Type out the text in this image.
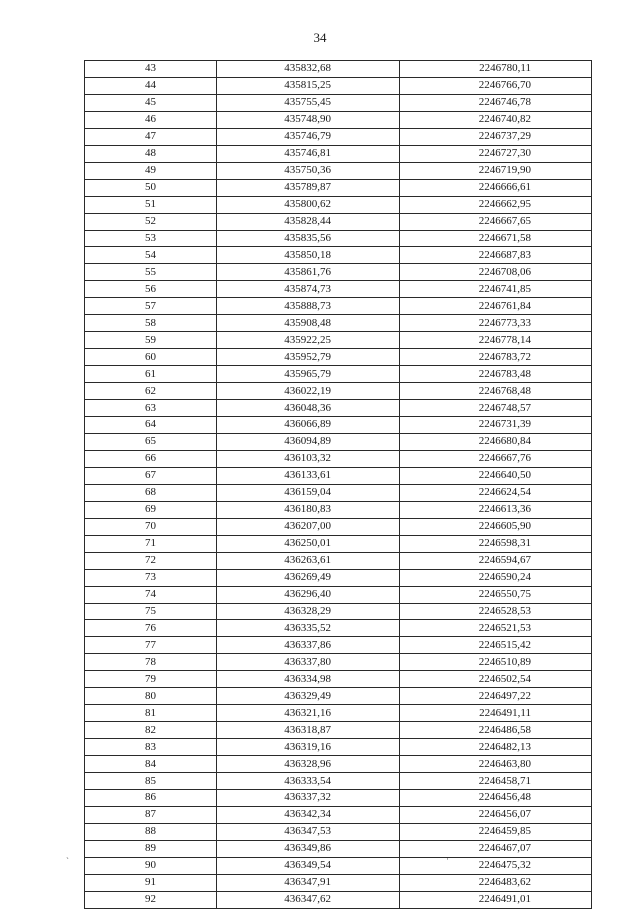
34
43	435832,68	2246780,11
44	435815,25	2246766,70
45	435755,45	2246746,78
46	435748,90	2246740,82
47	435746,79	2246737,29
48	435746,81	2246727,30
49	435750,36	2246719,90
50	435789,87	2246666,61
51	435800,62	2246662,95
52	435828,44	2246667,65
53	435835,56	2246671,58
54	435850,18	2246687,83
55	435861,76	2246708,06
56	435874,73	2246741,85
57	435888,73	2246761,84
58	435908,48	2246773,33
59	435922,25	2246778,14
60	435952,79	2246783,72
61	435965,79	2246783,48
62	436022,19	2246768,48
63	436048,36	2246748,57
64	436066,89	2246731,39
65	436094,89	2246680,84
66	436103,32	2246667,76
67	436133,61	2246640,50
68	436159,04	2246624,54
69	436180,83	2246613,36
70	436207,00	2246605,90
71	436250,01	2246598,31
72	436263,61	2246594,67
73	436269,49	2246590,24
74	436296,40	2246550,75
75	436328,29	2246528,53
76	436335,52	2246521,53
77	436337,86	2246515,42
78	436337,80	2246510,89
79	436334,98	2246502,54
80	436329,49	2246497,22
81	436321,16	2246491,11
82	436318,87	2246486,58
83	436319,16	2246482,13
84	436328,96	2246463,80
85	436333,54	2246458,71
86	436337,32	2246456,48
87	436342,34	2246456,07
88	436347,53	2246459,85
89	436349,86	2246467,07
90	436349,54	2246475,32
91	436347,91	2246483,62
92	436347,62	2246491,01
`	·
